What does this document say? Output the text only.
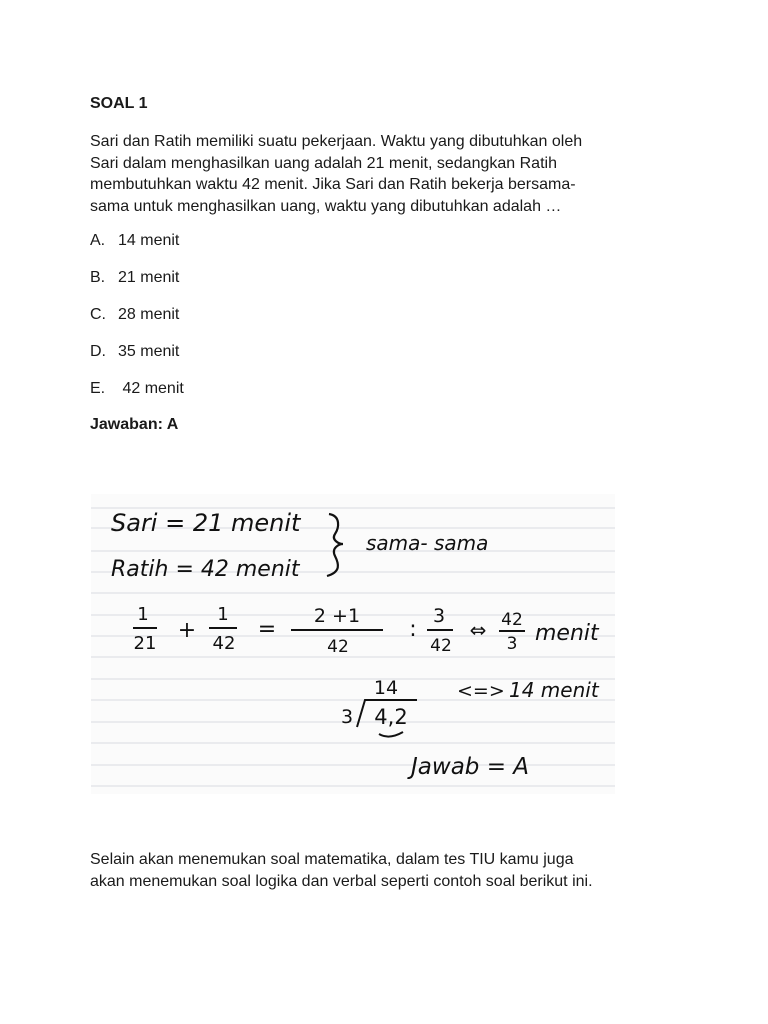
SOAL 1
Sari dan Ratih memiliki suatu pekerjaan. Waktu yang dibutuhkan oleh
Sari dalam menghasilkan uang adalah 21 menit, sedangkan Ratih
membutuhkan waktu 42 menit. Jika Sari dan Ratih bekerja bersama-
sama untuk menghasilkan uang, waktu yang dibutuhkan adalah …
A. 14 menit
B. 21 menit
C. 28 menit
D. 35 menit
E. 42 menit
Jawaban: A
Sari = 21 menit
Ratih = 42 menit
sama- sama
1
21
+
1
42
=
2 +1
42
:
3
42
⇔ 42
3 menit
14
3 4,2
<=> 14 menit
Jawab = A
Selain akan menemukan soal matematika, dalam tes TIU kamu juga
akan menemukan soal logika dan verbal seperti contoh soal berikut ini.
